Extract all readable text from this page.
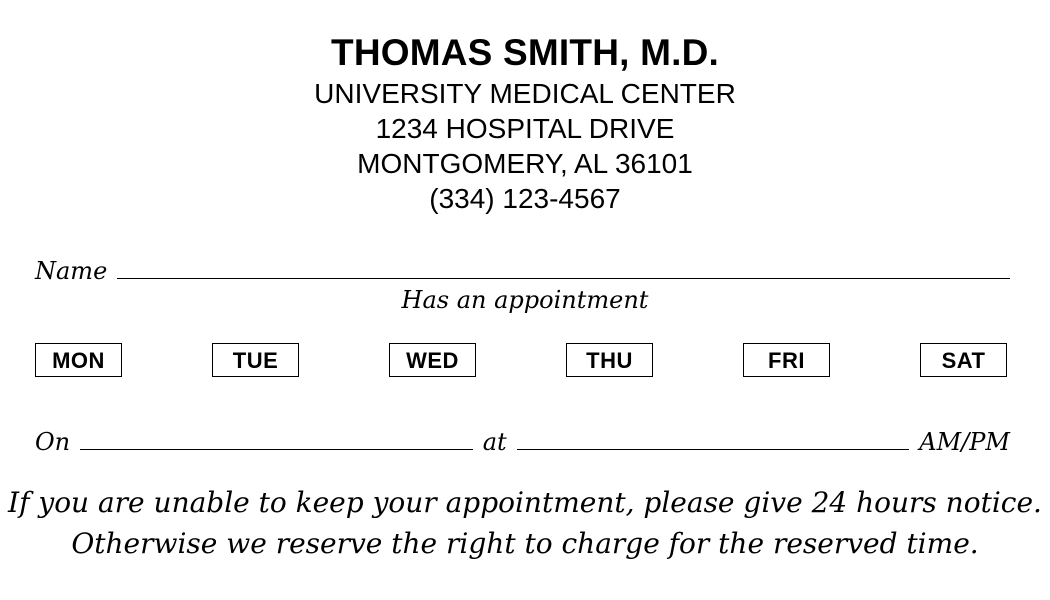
THOMAS SMITH, M.D.
UNIVERSITY MEDICAL CENTER
1234 HOSPITAL DRIVE
MONTGOMERY, AL 36101
(334) 123-4567
Name
Has an appointment
MON	TUE	WED	THU	FRI	SAT
On	at	AM/PM
If you are unable to keep your appointment, please give 24 hours notice.
Otherwise we reserve the right to charge for the reserved time.
